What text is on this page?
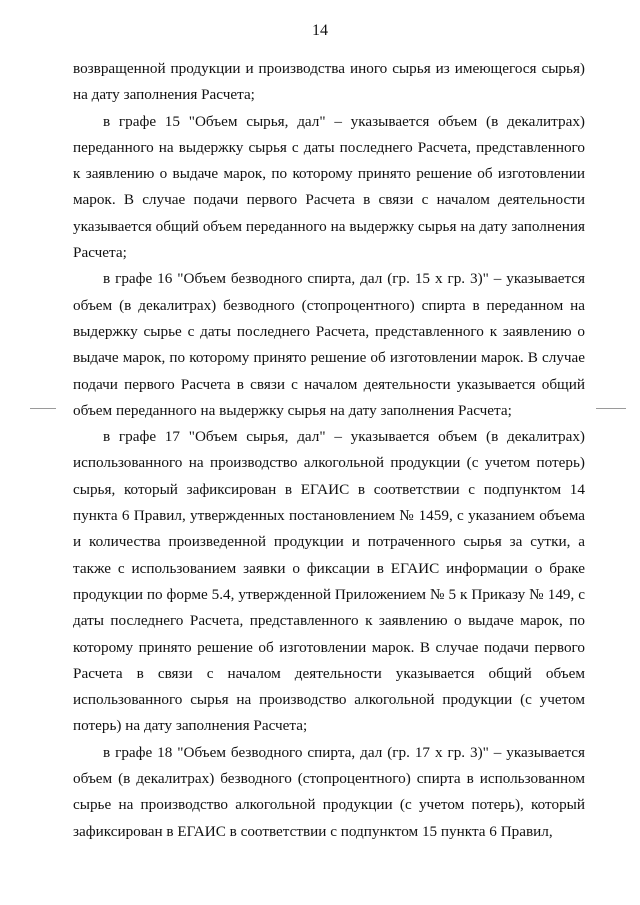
14

возвращенной продукции и производства иного сырья из имеющегося сырья) на дату заполнения Расчета;

в графе 15 "Объем сырья, дал" – указывается объем (в декалитрах) переданного на выдержку сырья с даты последнего Расчета, представленного к заявлению о выдаче марок, по которому принято решение об изготовлении марок. В случае подачи первого Расчета в связи с началом деятельности указывается общий объем переданного на выдержку сырья на дату заполнения Расчета;

в графе 16 "Объем безводного спирта, дал (гр. 15 х гр. 3)" – указывается объем (в декалитрах) безводного (стопроцентного) спирта в переданном на выдержку сырье с даты последнего Расчета, представленного к заявлению о выдаче марок, по которому принято решение об изготовлении марок. В случае подачи первого Расчета в связи с началом деятельности указывается общий объем переданного на выдержку сырья на дату заполнения Расчета;

в графе 17 "Объем сырья, дал" – указывается объем (в декалитрах) использованного на производство алкогольной продукции (с учетом потерь) сырья, который зафиксирован в ЕГАИС в соответствии с подпунктом 14 пункта 6 Правил, утвержденных постановлением № 1459, с указанием объема и количества произведенной продукции и потраченного сырья за сутки, а также с использованием заявки о фиксации в ЕГАИС информации о браке продукции по форме 5.4, утвержденной Приложением № 5 к Приказу № 149, с даты последнего Расчета, представленного к заявлению о выдаче марок, по которому принято решение об изготовлении марок. В случае подачи первого Расчета в связи с началом деятельности указывается общий объем использованного сырья на производство алкогольной продукции (с учетом потерь) на дату заполнения Расчета;

в графе 18 "Объем безводного спирта, дал (гр. 17 х гр. 3)" – указывается объем (в декалитрах) безводного (стопроцентного) спирта в использованном сырье на производство алкогольной продукции (с учетом потерь), который зафиксирован в ЕГАИС в соответствии с подпунктом 15 пункта 6 Правил,
